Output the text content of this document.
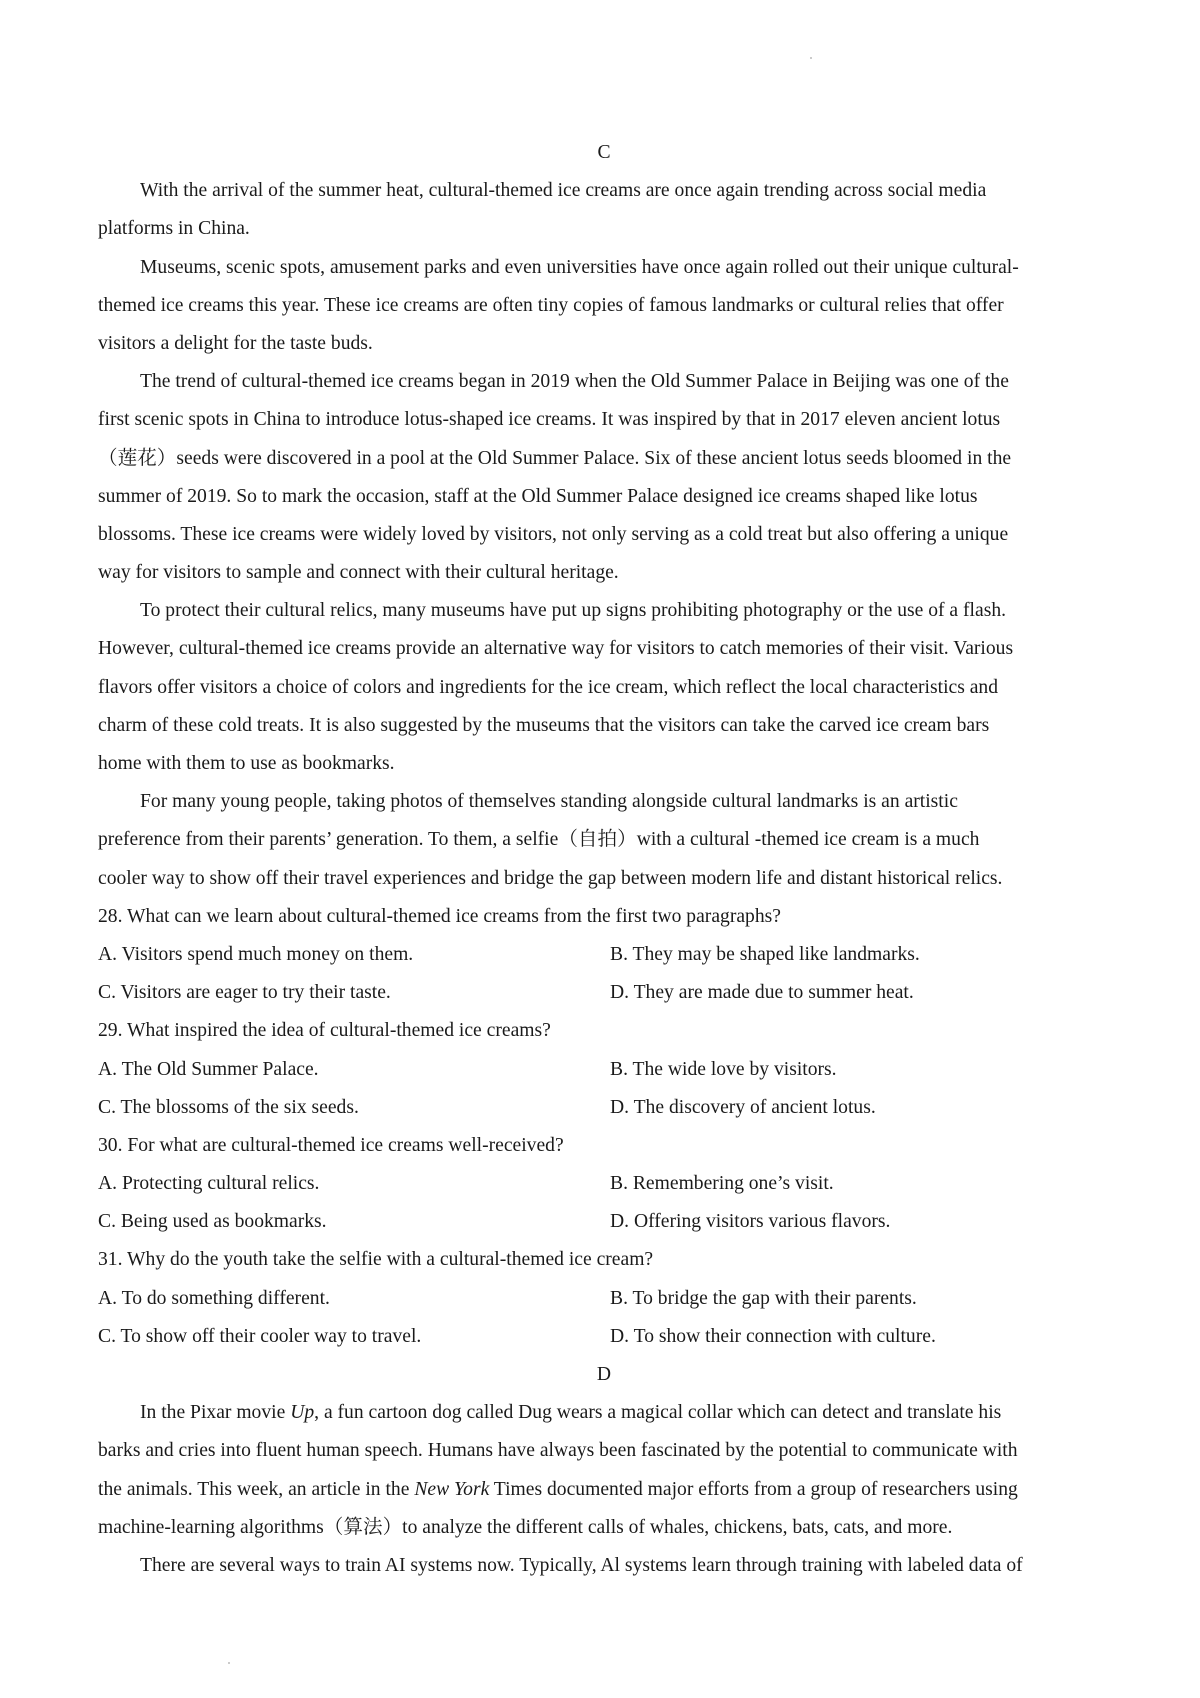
C
With the arrival of the summer heat, cultural-themed ice creams are once again trending across social media
platforms in China.
Museums, scenic spots, amusement parks and even universities have once again rolled out their unique cultural-
themed ice creams this year. These ice creams are often tiny copies of famous landmarks or cultural relies that offer
visitors a delight for the taste buds.
The trend of cultural-themed ice creams began in 2019 when the Old Summer Palace in Beijing was one of the
first scenic spots in China to introduce lotus-shaped ice creams. It was inspired by that in 2017 eleven ancient lotus
（莲花）seeds were discovered in a pool at the Old Summer Palace. Six of these ancient lotus seeds bloomed in the
summer of 2019. So to mark the occasion, staff at the Old Summer Palace designed ice creams shaped like lotus
blossoms. These ice creams were widely loved by visitors, not only serving as a cold treat but also offering a unique
way for visitors to sample and connect with their cultural heritage.
To protect their cultural relics, many museums have put up signs prohibiting photography or the use of a flash.
However, cultural-themed ice creams provide an alternative way for visitors to catch memories of their visit. Various
flavors offer visitors a choice of colors and ingredients for the ice cream, which reflect the local characteristics and
charm of these cold treats. It is also suggested by the museums that the visitors can take the carved ice cream bars
home with them to use as bookmarks.
For many young people, taking photos of themselves standing alongside cultural landmarks is an artistic
preference from their parents’ generation. To them, a selfie（自拍）with a cultural -themed ice cream is a much
cooler way to show off their travel experiences and bridge the gap between modern life and distant historical relics.
28. What can we learn about cultural-themed ice creams from the first two paragraphs?
A. Visitors spend much money on them.	B. They may be shaped like landmarks.
C. Visitors are eager to try their taste.	D. They are made due to summer heat.
29. What inspired the idea of cultural-themed ice creams?
A. The Old Summer Palace.	B. The wide love by visitors.
C. The blossoms of the six seeds.	D. The discovery of ancient lotus.
30. For what are cultural-themed ice creams well-received?
A. Protecting cultural relics.	B. Remembering one’s visit.
C. Being used as bookmarks.	D. Offering visitors various flavors.
31. Why do the youth take the selfie with a cultural-themed ice cream?
A. To do something different.	B. To bridge the gap with their parents.
C. To show off their cooler way to travel.	D. To show their connection with culture.
D
In the Pixar movie Up, a fun cartoon dog called Dug wears a magical collar which can detect and translate his
barks and cries into fluent human speech. Humans have always been fascinated by the potential to communicate with
the animals. This week, an article in the New York Times documented major efforts from a group of researchers using
machine-learning algorithms（算法）to analyze the different calls of whales, chickens, bats, cats, and more.
There are several ways to train AI systems now. Typically, Al systems learn through training with labeled data of
